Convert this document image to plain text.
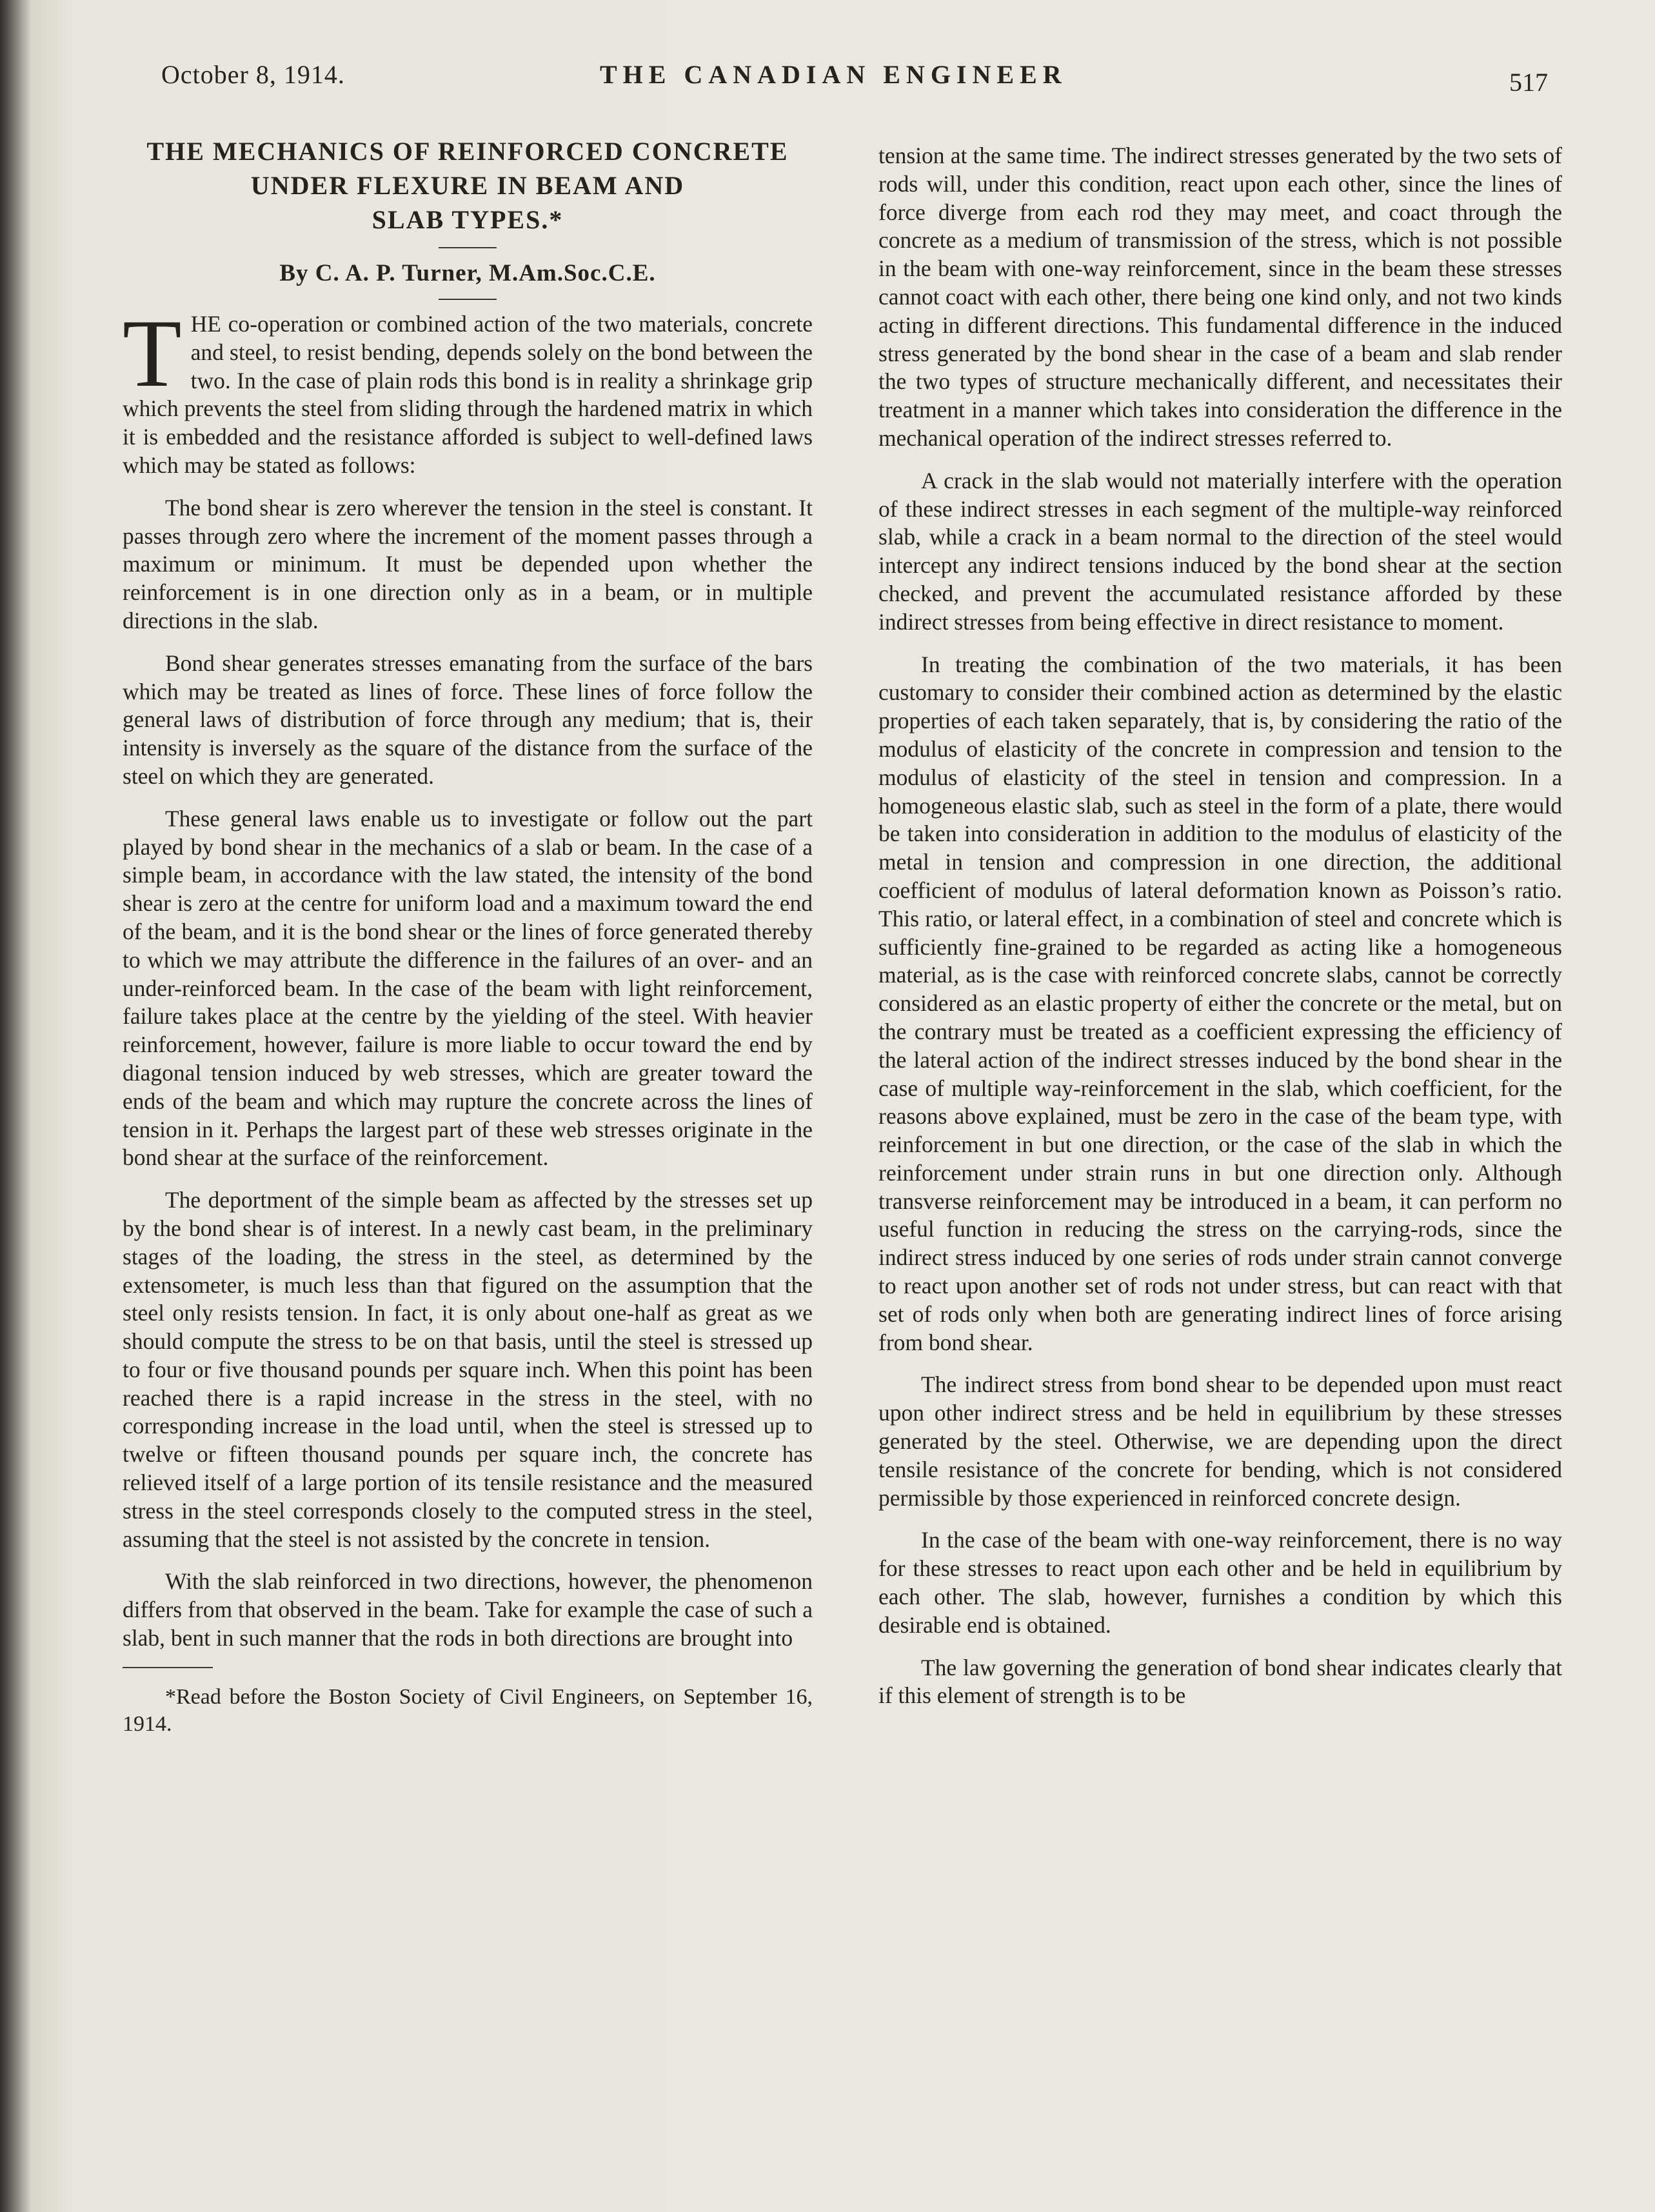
October 8, 1914.	THE CANADIAN ENGINEER	517
THE MECHANICS OF REINFORCED CONCRETE
UNDER FLEXURE IN BEAM AND
SLAB TYPES.*
By C. A. P. Turner, M.Am.Soc.C.E.

THE co-operation or combined action of the two materials, concrete and steel, to resist bending, depends solely on the bond between the two. In the case of plain rods this bond is in reality a shrinkage grip which prevents the steel from sliding through the hardened matrix in which it is embedded and the resistance afforded is subject to well-defined laws which may be stated as follows:

The bond shear is zero wherever the tension in the steel is constant. It passes through zero where the increment of the moment passes through a maximum or minimum. It must be depended upon whether the reinforcement is in one direction only as in a beam, or in multiple directions in the slab.

Bond shear generates stresses emanating from the surface of the bars which may be treated as lines of force. These lines of force follow the general laws of distribution of force through any medium; that is, their intensity is inversely as the square of the distance from the surface of the steel on which they are generated.

These general laws enable us to investigate or follow out the part played by bond shear in the mechanics of a slab or beam. In the case of a simple beam, in accordance with the law stated, the intensity of the bond shear is zero at the centre for uniform load and a maximum toward the end of the beam, and it is the bond shear or the lines of force generated thereby to which we may attribute the difference in the failures of an over- and an under-reinforced beam. In the case of the beam with light reinforcement, failure takes place at the centre by the yielding of the steel. With heavier reinforcement, however, failure is more liable to occur toward the end by diagonal tension induced by web stresses, which are greater toward the ends of the beam and which may rupture the concrete across the lines of tension in it. Perhaps the largest part of these web stresses originate in the bond shear at the surface of the reinforcement.

The deportment of the simple beam as affected by the stresses set up by the bond shear is of interest. In a newly cast beam, in the preliminary stages of the loading, the stress in the steel, as determined by the extensometer, is much less than that figured on the assumption that the steel only resists tension. In fact, it is only about one-half as great as we should compute the stress to be on that basis, until the steel is stressed up to four or five thousand pounds per square inch. When this point has been reached there is a rapid increase in the stress in the steel, with no corresponding increase in the load until, when the steel is stressed up to twelve or fifteen thousand pounds per square inch, the concrete has relieved itself of a large portion of its tensile resistance and the measured stress in the steel corresponds closely to the computed stress in the steel, assuming that the steel is not assisted by the concrete in tension.

With the slab reinforced in two directions, however, the phenomenon differs from that observed in the beam. Take for example the case of such a slab, bent in such manner that the rods in both directions are brought into

*Read before the Boston Society of Civil Engineers, on September 16, 1914.

tension at the same time. The indirect stresses generated by the two sets of rods will, under this condition, react upon each other, since the lines of force diverge from each rod they may meet, and coact through the concrete as a medium of transmission of the stress, which is not possible in the beam with one-way reinforcement, since in the beam these stresses cannot coact with each other, there being one kind only, and not two kinds acting in different directions. This fundamental difference in the induced stress generated by the bond shear in the case of a beam and slab render the two types of structure mechanically different, and necessitates their treatment in a manner which takes into consideration the difference in the mechanical operation of the indirect stresses referred to.

A crack in the slab would not materially interfere with the operation of these indirect stresses in each segment of the multiple-way reinforced slab, while a crack in a beam normal to the direction of the steel would intercept any indirect tensions induced by the bond shear at the section checked, and prevent the accumulated resistance afforded by these indirect stresses from being effective in direct resistance to moment.

In treating the combination of the two materials, it has been customary to consider their combined action as determined by the elastic properties of each taken separately, that is, by considering the ratio of the modulus of elasticity of the concrete in compression and tension to the modulus of elasticity of the steel in tension and compression. In a homogeneous elastic slab, such as steel in the form of a plate, there would be taken into consideration in addition to the modulus of elasticity of the metal in tension and compression in one direction, the additional coefficient of modulus of lateral deformation known as Poisson’s ratio. This ratio, or lateral effect, in a combination of steel and concrete which is sufficiently fine-grained to be regarded as acting like a homogeneous material, as is the case with reinforced concrete slabs, cannot be correctly considered as an elastic property of either the concrete or the metal, but on the contrary must be treated as a coefficient expressing the efficiency of the lateral action of the indirect stresses induced by the bond shear in the case of multiple way-reinforcement in the slab, which coefficient, for the reasons above explained, must be zero in the case of the beam type, with reinforcement in but one direction, or the case of the slab in which the reinforcement under strain runs in but one direction only. Although transverse reinforcement may be introduced in a beam, it can perform no useful function in reducing the stress on the carrying-rods, since the indirect stress induced by one series of rods under strain cannot converge to react upon another set of rods not under stress, but can react with that set of rods only when both are generating indirect lines of force arising from bond shear.

The indirect stress from bond shear to be depended upon must react upon other indirect stress and be held in equilibrium by these stresses generated by the steel. Otherwise, we are depending upon the direct tensile resistance of the concrete for bending, which is not considered permissible by those experienced in reinforced concrete design.

In the case of the beam with one-way reinforcement, there is no way for these stresses to react upon each other and be held in equilibrium by each other. The slab, however, furnishes a condition by which this desirable end is obtained.

The law governing the generation of bond shear indicates clearly that if this element of strength is to be
